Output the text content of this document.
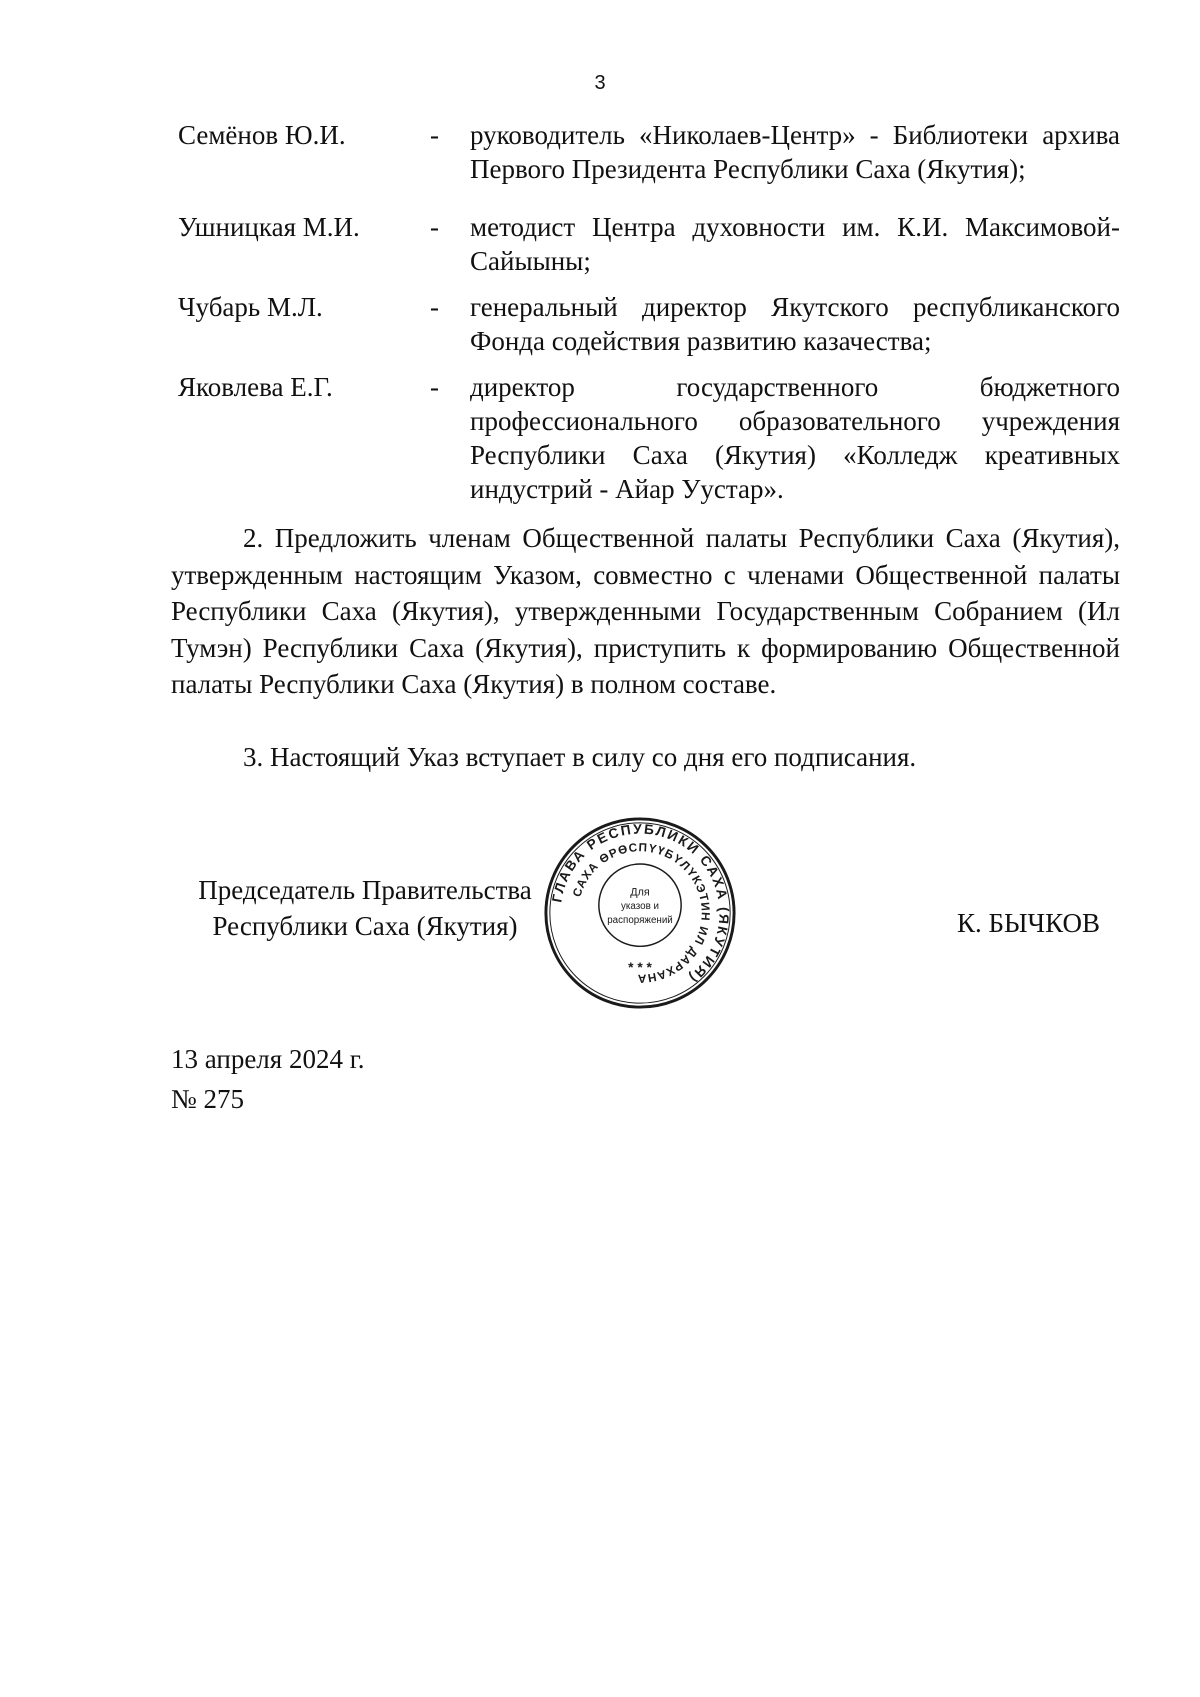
3
Семёнов Ю.И.	-	руководитель «Николаев-Центр» - Библиотеки архива Первого Президента Республики Саха (Якутия);
Ушницкая М.И.	-	методист Центра духовности им. К.И. Максимовой-Сайыыны;
Чубарь М.Л.	-	генеральный директор Якутского республиканского Фонда содействия развитию казачества;
Яковлева Е.Г.	-	директор государственного бюджетного профессионального образовательного учреждения Республики Саха (Якутия) «Колледж креативных индустрий - Айар Уустар».
2. Предложить членам Общественной палаты Республики Саха (Якутия), утвержденным настоящим Указом, совместно с членами Общественной палаты Республики Саха (Якутия), утвержденными Государственным Собранием (Ил Тумэн) Республики Саха (Якутия), приступить к формированию Общественной палаты Республики Саха (Якутия) в полном составе.
3. Настоящий Указ вступает в силу со дня его подписания.
Председатель Правительства
Республики Саха (Якутия)
ГЛАВА РЕСПУБЛИКИ САХА (ЯКУТИЯ)
САХА ӨРӨСПYҮБYЛYКЭТИН ИЛ ДАРХАНА
Для
указов и
распоряжений
* * *
К. БЫЧКОВ
13 апреля 2024 г.
№ 275
